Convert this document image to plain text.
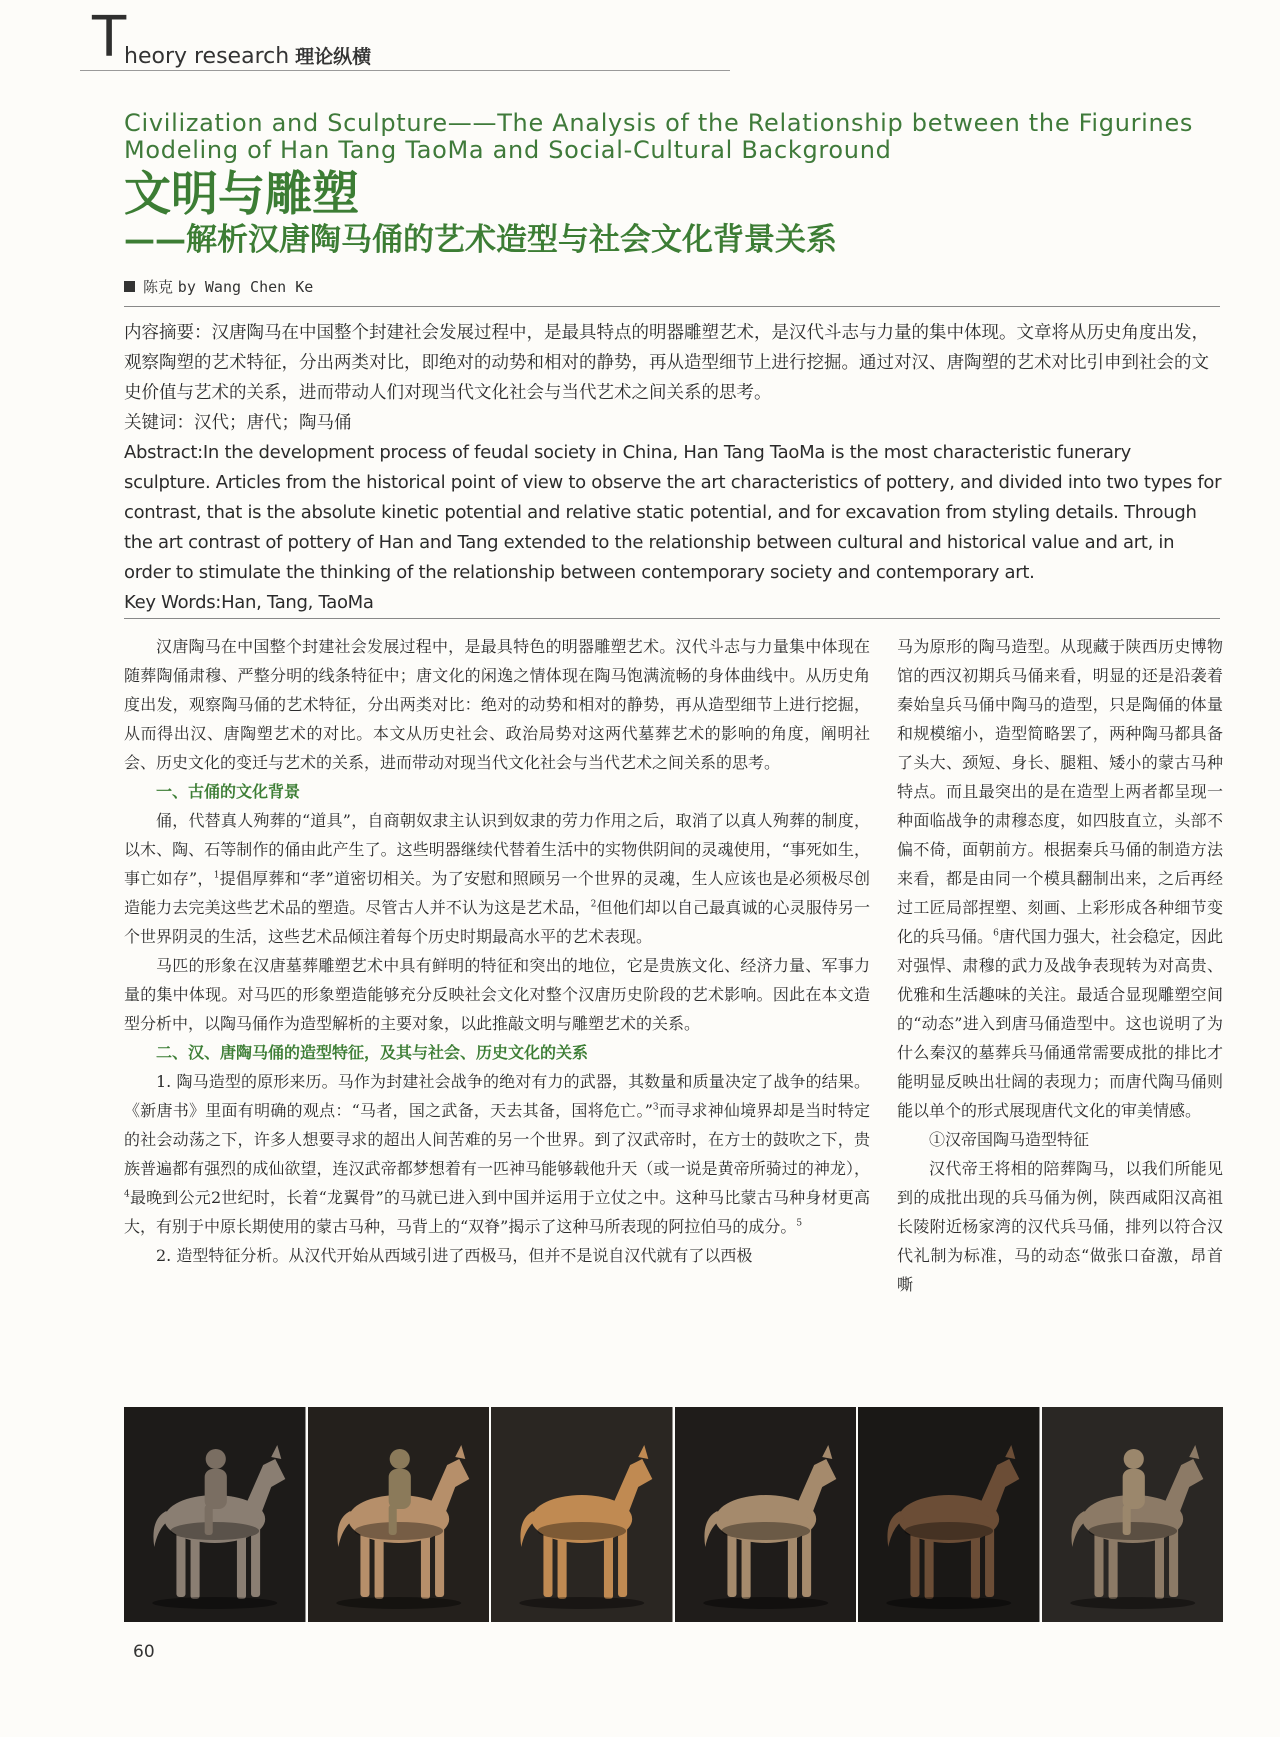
T
heory research 理论纵横
Civilization and Sculpture——The Analysis of the Relationship between the Figurines Modeling of Han Tang TaoMa and Social-Cultural Background
文明与雕塑
——解析汉唐陶马俑的艺术造型与社会文化背景关系
陈克 by Wang Chen Ke

内容摘要：汉唐陶马在中国整个封建社会发展过程中，是最具特点的明器雕塑艺术，是汉代斗志与力量的集中体现。文章将从历史角度出发，观察陶塑的艺术特征，分出两类对比，即绝对的动势和相对的静势，再从造型细节上进行挖掘。通过对汉、唐陶塑的艺术对比引申到社会的文史价值与艺术的关系，进而带动人们对现当代文化社会与当代艺术之间关系的思考。

关键词：汉代；唐代；陶马俑

Abstract:In the development process of feudal society in China, Han Tang TaoMa is the most characteristic funerary sculpture. Articles from the historical point of view to observe the art characteristics of pottery, and divided into two types for contrast, that is the absolute kinetic potential and relative static potential, and for excavation from styling details. Through the art contrast of pottery of Han and Tang extended to the relationship between cultural and historical value and art, in order to stimulate the thinking of the relationship between contemporary society and contemporary art.

Key Words:Han, Tang, TaoMa

汉唐陶马在中国整个封建社会发展过程中，是最具特色的明器雕塑艺术。汉代斗志与力量集中体现在随葬陶俑肃穆、严整分明的线条特征中；唐文化的闲逸之情体现在陶马饱满流畅的身体曲线中。从历史角度出发，观察陶马俑的艺术特征，分出两类对比：绝对的动势和相对的静势，再从造型细节上进行挖掘，从而得出汉、唐陶塑艺术的对比。本文从历史社会、政治局势对这两代墓葬艺术的影响的角度，阐明社会、历史文化的变迁与艺术的关系，进而带动对现当代文化社会与当代艺术之间关系的思考。

一、古俑的文化背景

俑，代替真人殉葬的“道具”，自商朝奴隶主认识到奴隶的劳力作用之后，取消了以真人殉葬的制度，以木、陶、石等制作的俑由此产生了。这些明器继续代替着生活中的实物供阴间的灵魂使用，“事死如生，事亡如存”，$^1$提倡厚葬和“孝”道密切相关。为了安慰和照顾另一个世界的灵魂，生人应该也是必须极尽创造能力去完美这些艺术品的塑造。尽管古人并不认为这是艺术品，$^2$但他们却以自己最真诚的心灵服侍另一个世界阴灵的生活，这些艺术品倾注着每个历史时期最高水平的艺术表现。

马匹的形象在汉唐墓葬雕塑艺术中具有鲜明的特征和突出的地位，它是贵族文化、经济力量、军事力量的集中体现。对马匹的形象塑造能够充分反映社会文化对整个汉唐历史阶段的艺术影响。因此在本文造型分析中，以陶马俑作为造型解析的主要对象，以此推敲文明与雕塑艺术的关系。

二、汉、唐陶马俑的造型特征，及其与社会、历史文化的关系

1. 陶马造型的原形来历。马作为封建社会战争的绝对有力的武器，其数量和质量决定了战争的结果。《新唐书》里面有明确的观点：“马者，国之武备，天去其备，国将危亡。”$^3$而寻求神仙境界却是当时特定的社会动荡之下，许多人想要寻求的超出人间苦难的另一个世界。到了汉武帝时，在方士的鼓吹之下，贵族普遍都有强烈的成仙欲望，连汉武帝都梦想着有一匹神马能够载他升天（或一说是黄帝所骑过的神龙），$^4$最晚到公元2世纪时，长着“龙翼骨”的马就已进入到中国并运用于立仗之中。这种马比蒙古马种身材更高大，有别于中原长期使用的蒙古马种，马背上的“双脊”揭示了这种马所表现的阿拉伯马的成分。$^5$

2. 造型特征分析。从汉代开始从西域引进了西极马，但并不是说自汉代就有了以西极

马为原形的陶马造型。从现藏于陕西历史博物馆的西汉初期兵马俑来看，明显的还是沿袭着秦始皇兵马俑中陶马的造型，只是陶俑的体量和规模缩小，造型简略罢了，两种陶马都具备了头大、颈短、身长、腿粗、矮小的蒙古马种特点。而且最突出的是在造型上两者都呈现一种面临战争的肃穆态度，如四肢直立，头部不偏不倚，面朝前方。根据秦兵马俑的制造方法来看，都是由同一个模具翻制出来，之后再经过工匠局部捏塑、刻画、上彩形成各种细节变化的兵马俑。$^6$唐代国力强大，社会稳定，因此对强悍、肃穆的武力及战争表现转为对高贵、优雅和生活趣味的关注。最适合显现雕塑空间的“动态”进入到唐马俑造型中。这也说明了为什么秦汉的墓葬兵马俑通常需要成批的排比才能明显反映出壮阔的表现力；而唐代陶马俑则能以单个的形式展现唐代文化的审美情感。

①汉帝国陶马造型特征

汉代帝王将相的陪葬陶马，以我们所能见到的成批出现的兵马俑为例，陕西咸阳汉高祖长陵附近杨家湾的汉代兵马俑，排列以符合汉代礼制为标准，马的动态“做张口奋激，昂首嘶

60
